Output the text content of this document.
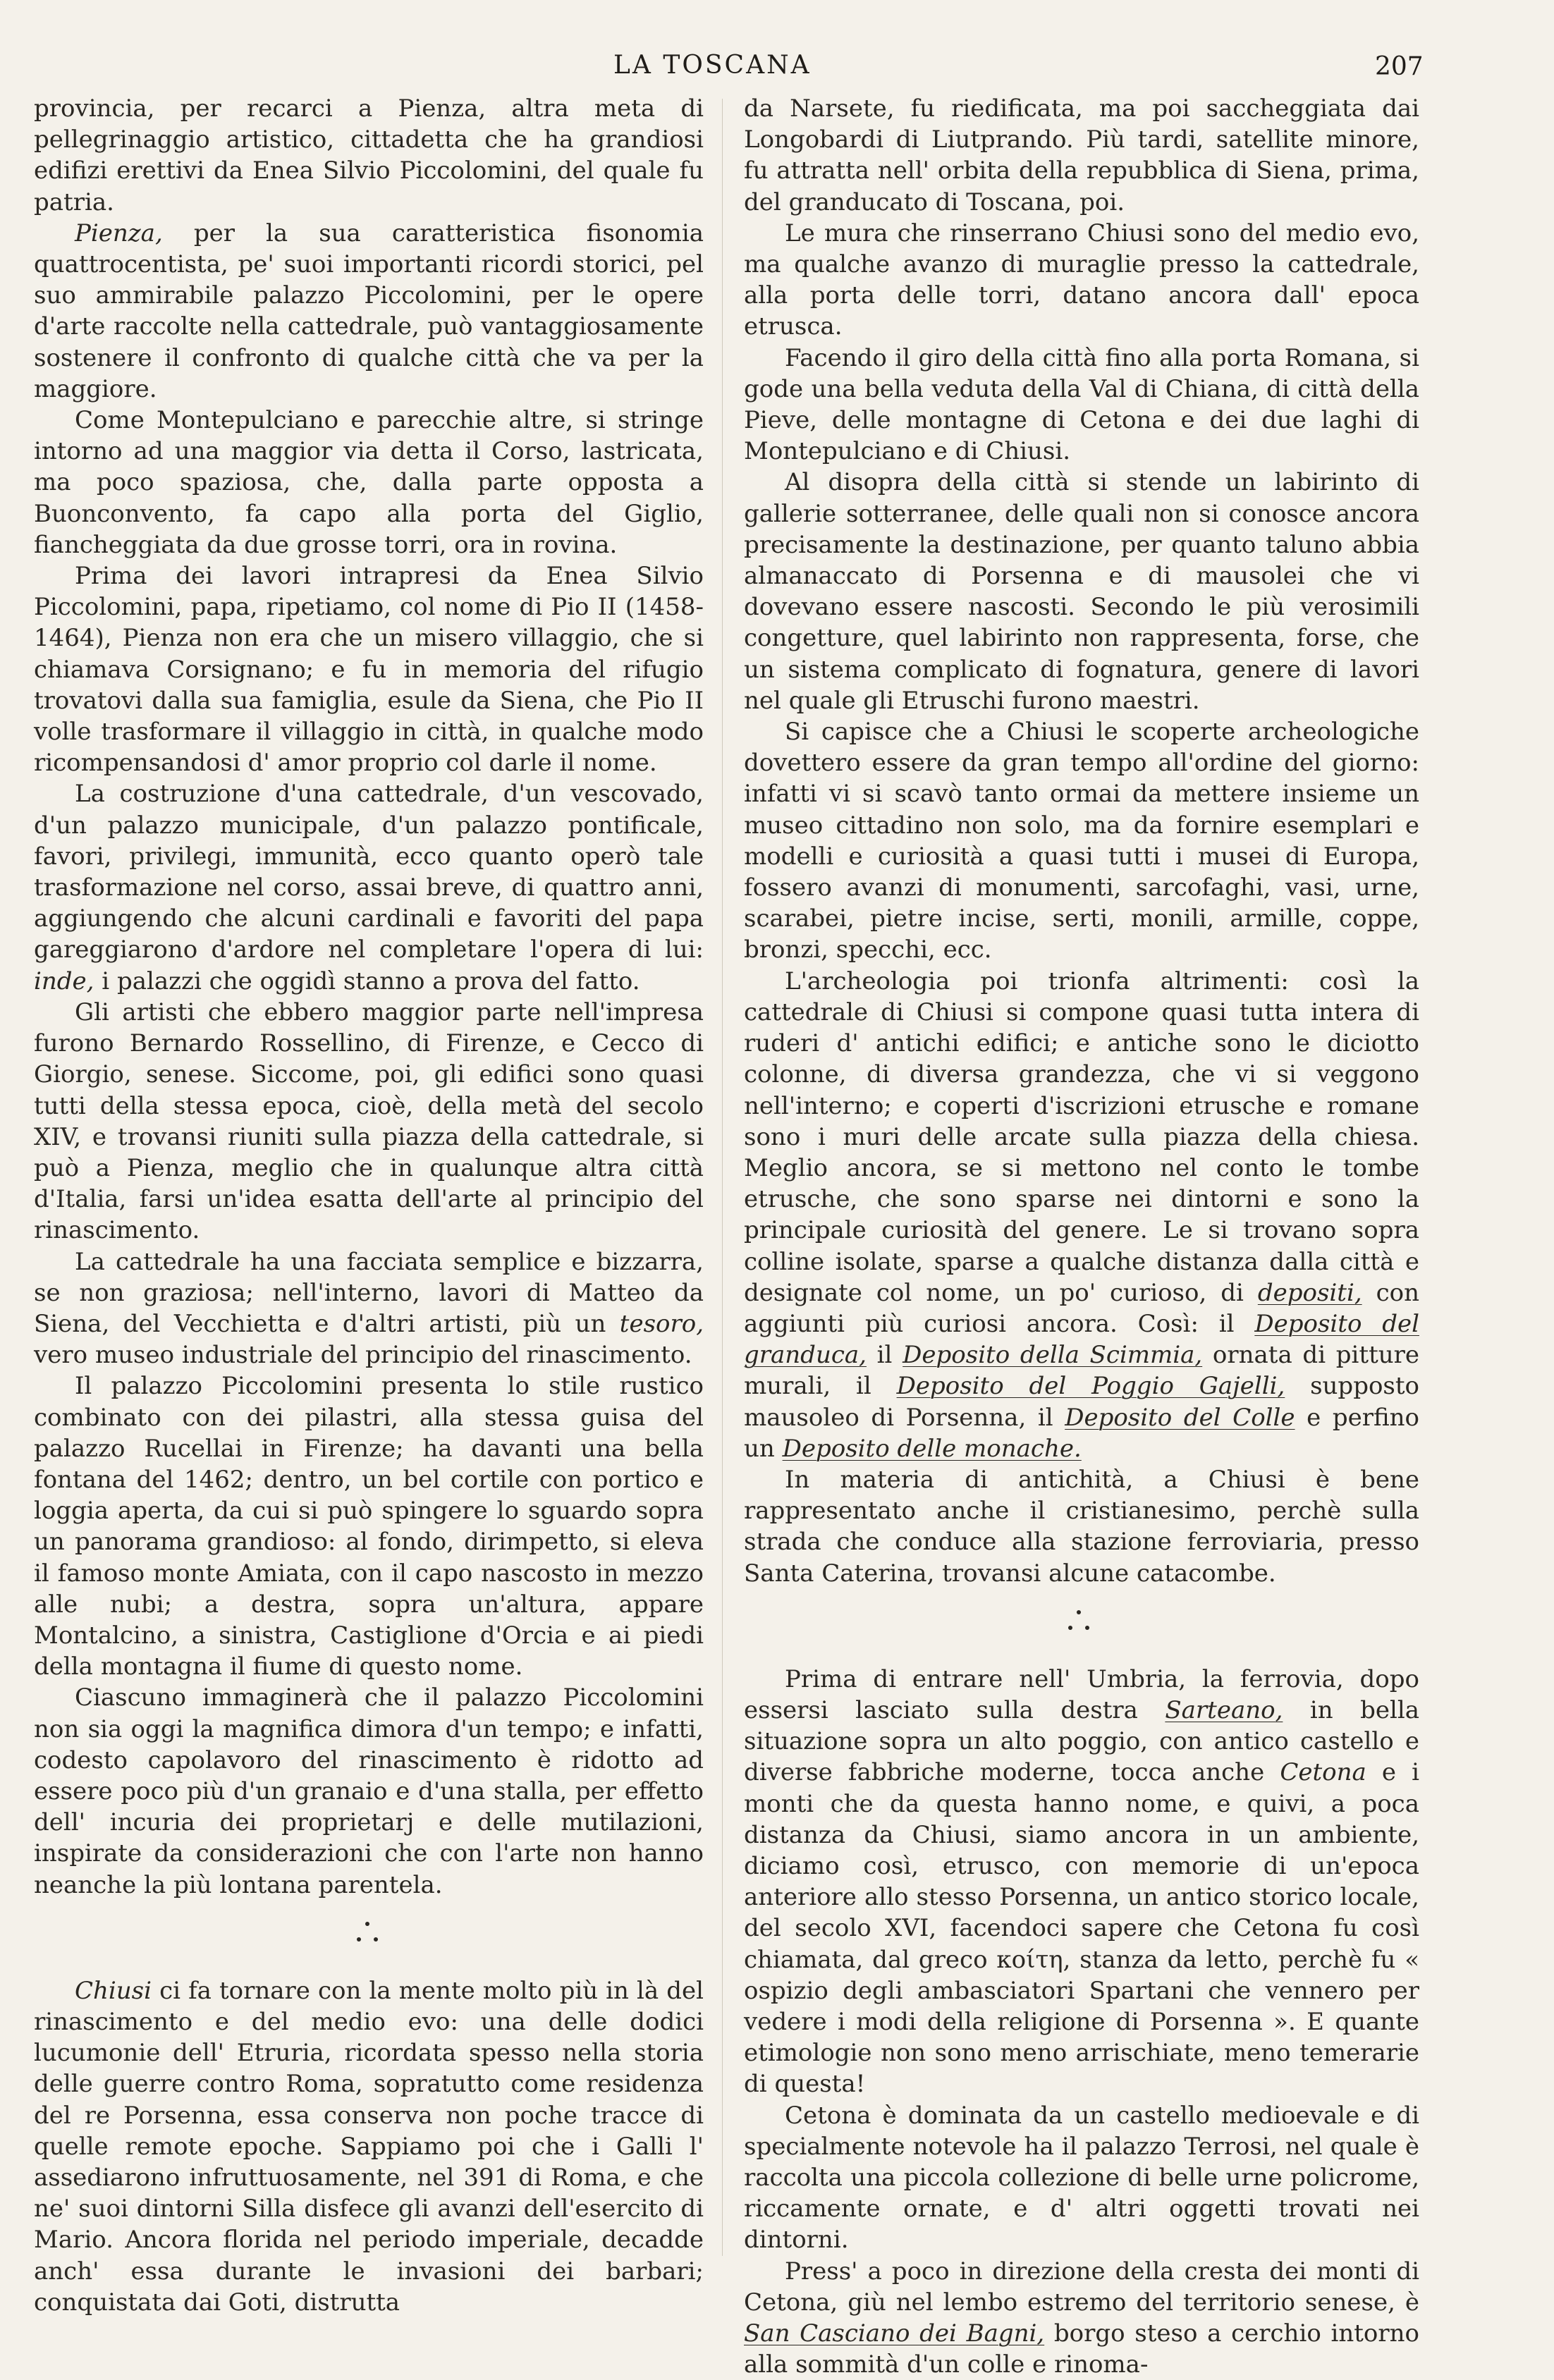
LA TOSCANA	207

provincia, per recarci a Pienza, altra meta di pellegrinaggio artistico, cittadetta che ha grandiosi edifizi erettivi da Enea Silvio Piccolomini, del quale fu patria.

Pienza, per la sua caratteristica fisonomia quattrocentista, pe' suoi importanti ricordi storici, pel suo ammirabile palazzo Piccolomini, per le opere d'arte raccolte nella cattedrale, può vantaggiosamente sostenere il confronto di qualche città che va per la maggiore.

Come Montepulciano e parecchie altre, si stringe intorno ad una maggior via detta il Corso, lastricata, ma poco spaziosa, che, dalla parte opposta a Buonconvento, fa capo alla porta del Giglio, fiancheggiata da due grosse torri, ora in rovina.

Prima dei lavori intrapresi da Enea Silvio Piccolomini, papa, ripetiamo, col nome di Pio II (1458-1464), Pienza non era che un misero villaggio, che si chiamava Corsignano; e fu in memoria del rifugio trovatovi dalla sua famiglia, esule da Siena, che Pio II volle trasformare il villaggio in città, in qualche modo ricompensandosi d' amor proprio col darle il nome.

La costruzione d'una cattedrale, d'un vescovado, d'un palazzo municipale, d'un palazzo pontificale, favori, privilegi, immunità, ecco quanto operò tale trasformazione nel corso, assai breve, di quattro anni, aggiungendo che alcuni cardinali e favoriti del papa gareggiarono d'ardore nel completare l'opera di lui: inde, i palazzi che oggidì stanno a prova del fatto.

Gli artisti che ebbero maggior parte nell'impresa furono Bernardo Rossellino, di Firenze, e Cecco di Giorgio, senese. Siccome, poi, gli edifici sono quasi tutti della stessa epoca, cioè, della metà del secolo XIV, e trovansi riuniti sulla piazza della cattedrale, si può a Pienza, meglio che in qualunque altra città d'Italia, farsi un'idea esatta dell'arte al principio del rinascimento.

La cattedrale ha una facciata semplice e bizzarra, se non graziosa; nell'interno, lavori di Matteo da Siena, del Vecchietta e d'altri artisti, più un tesoro, vero museo industriale del principio del rinascimento.

Il palazzo Piccolomini presenta lo stile rustico combinato con dei pilastri, alla stessa guisa del palazzo Rucellai in Firenze; ha davanti una bella fontana del 1462; dentro, un bel cortile con portico e loggia aperta, da cui si può spingere lo sguardo sopra un panorama grandioso: al fondo, dirimpetto, si eleva il famoso monte Amiata, con il capo nascosto in mezzo alle nubi; a destra, sopra un'altura, appare Montalcino, a sinistra, Castiglione d'Orcia e ai piedi della montagna il fiume di questo nome.

Ciascuno immaginerà che il palazzo Piccolomini non sia oggi la magnifica dimora d'un tempo; e infatti, codesto capolavoro del rinascimento è ridotto ad essere poco più d'un granaio e d'una stalla, per effetto dell' incuria dei proprietarj e delle mutilazioni, inspirate da considerazioni che con l'arte non hanno neanche la più lontana parentela.

Chiusi ci fa tornare con la mente molto più in là del rinascimento e del medio evo: una delle dodici lucumonie dell' Etruria, ricordata spesso nella storia delle guerre contro Roma, sopratutto come residenza del re Porsenna, essa conserva non poche tracce di quelle remote epoche. Sappiamo poi che i Galli l' assediarono infruttuosamente, nel 391 di Roma, e che ne' suoi dintorni Silla disfece gli avanzi dell'esercito di Mario. Ancora florida nel periodo imperiale, decadde anch' essa durante le invasioni dei barbari; conquistata dai Goti, distrutta

da Narsete, fu riedificata, ma poi saccheggiata dai Longobardi di Liutprando. Più tardi, satellite minore, fu attratta nell' orbita della repubblica di Siena, prima, del granducato di Toscana, poi.

Le mura che rinserrano Chiusi sono del medio evo, ma qualche avanzo di muraglie presso la cattedrale, alla porta delle torri, datano ancora dall' epoca etrusca.

Facendo il giro della città fino alla porta Romana, si gode una bella veduta della Val di Chiana, di città della Pieve, delle montagne di Cetona e dei due laghi di Montepulciano e di Chiusi.

Al disopra della città si stende un labirinto di gallerie sotterranee, delle quali non si conosce ancora precisamente la destinazione, per quanto taluno abbia almanaccato di Porsenna e di mausolei che vi dovevano essere nascosti. Secondo le più verosimili congetture, quel labirinto non rappresenta, forse, che un sistema complicato di fognatura, genere di lavori nel quale gli Etruschi furono maestri.

Si capisce che a Chiusi le scoperte archeologiche dovettero essere da gran tempo all'ordine del giorno: infatti vi si scavò tanto ormai da mettere insieme un museo cittadino non solo, ma da fornire esemplari e modelli e curiosità a quasi tutti i musei di Europa, fossero avanzi di monumenti, sarcofaghi, vasi, urne, scarabei, pietre incise, serti, monili, armille, coppe, bronzi, specchi, ecc.

L'archeologia poi trionfa altrimenti: così la cattedrale di Chiusi si compone quasi tutta intera di ruderi d' antichi edifici; e antiche sono le diciotto colonne, di diversa grandezza, che vi si veggono nell'interno; e coperti d'iscrizioni etrusche e romane sono i muri delle arcate sulla piazza della chiesa. Meglio ancora, se si mettono nel conto le tombe etrusche, che sono sparse nei dintorni e sono la principale curiosità del genere. Le si trovano sopra colline isolate, sparse a qualche distanza dalla città e designate col nome, un po' curioso, di depositi, con aggiunti più curiosi ancora. Così: il Deposito del granduca, il Deposito della Scimmia, ornata di pitture murali, il Deposito del Poggio Gajelli, supposto mausoleo di Porsenna, il Deposito del Colle e perfino un Deposito delle monache.

In materia di antichità, a Chiusi è bene rappresentato anche il cristianesimo, perchè sulla strada che conduce alla stazione ferroviaria, presso Santa Caterina, trovansi alcune catacombe.

Prima di entrare nell' Umbria, la ferrovia, dopo essersi lasciato sulla destra Sarteano, in bella situazione sopra un alto poggio, con antico castello e diverse fabbriche moderne, tocca anche Cetona e i monti che da questa hanno nome, e quivi, a poca distanza da Chiusi, siamo ancora in un ambiente, diciamo così, etrusco, con memorie di un'epoca anteriore allo stesso Porsenna, un antico storico locale, del secolo XVI, facendoci sapere che Cetona fu così chiamata, dal greco κοίτη, stanza da letto, perchè fu « ospizio degli ambasciatori Spartani che vennero per vedere i modi della religione di Porsenna ». E quante etimologie non sono meno arrischiate, meno temerarie di questa!

Cetona è dominata da un castello medioevale e di specialmente notevole ha il palazzo Terrosi, nel quale è raccolta una piccola collezione di belle urne policrome, riccamente ornate, e d' altri oggetti trovati nei dintorni.

Press' a poco in direzione della cresta dei monti di Cetona, giù nel lembo estremo del territorio senese, è San Casciano dei Bagni, borgo steso a cerchio intorno alla sommità d'un colle e rinoma-
